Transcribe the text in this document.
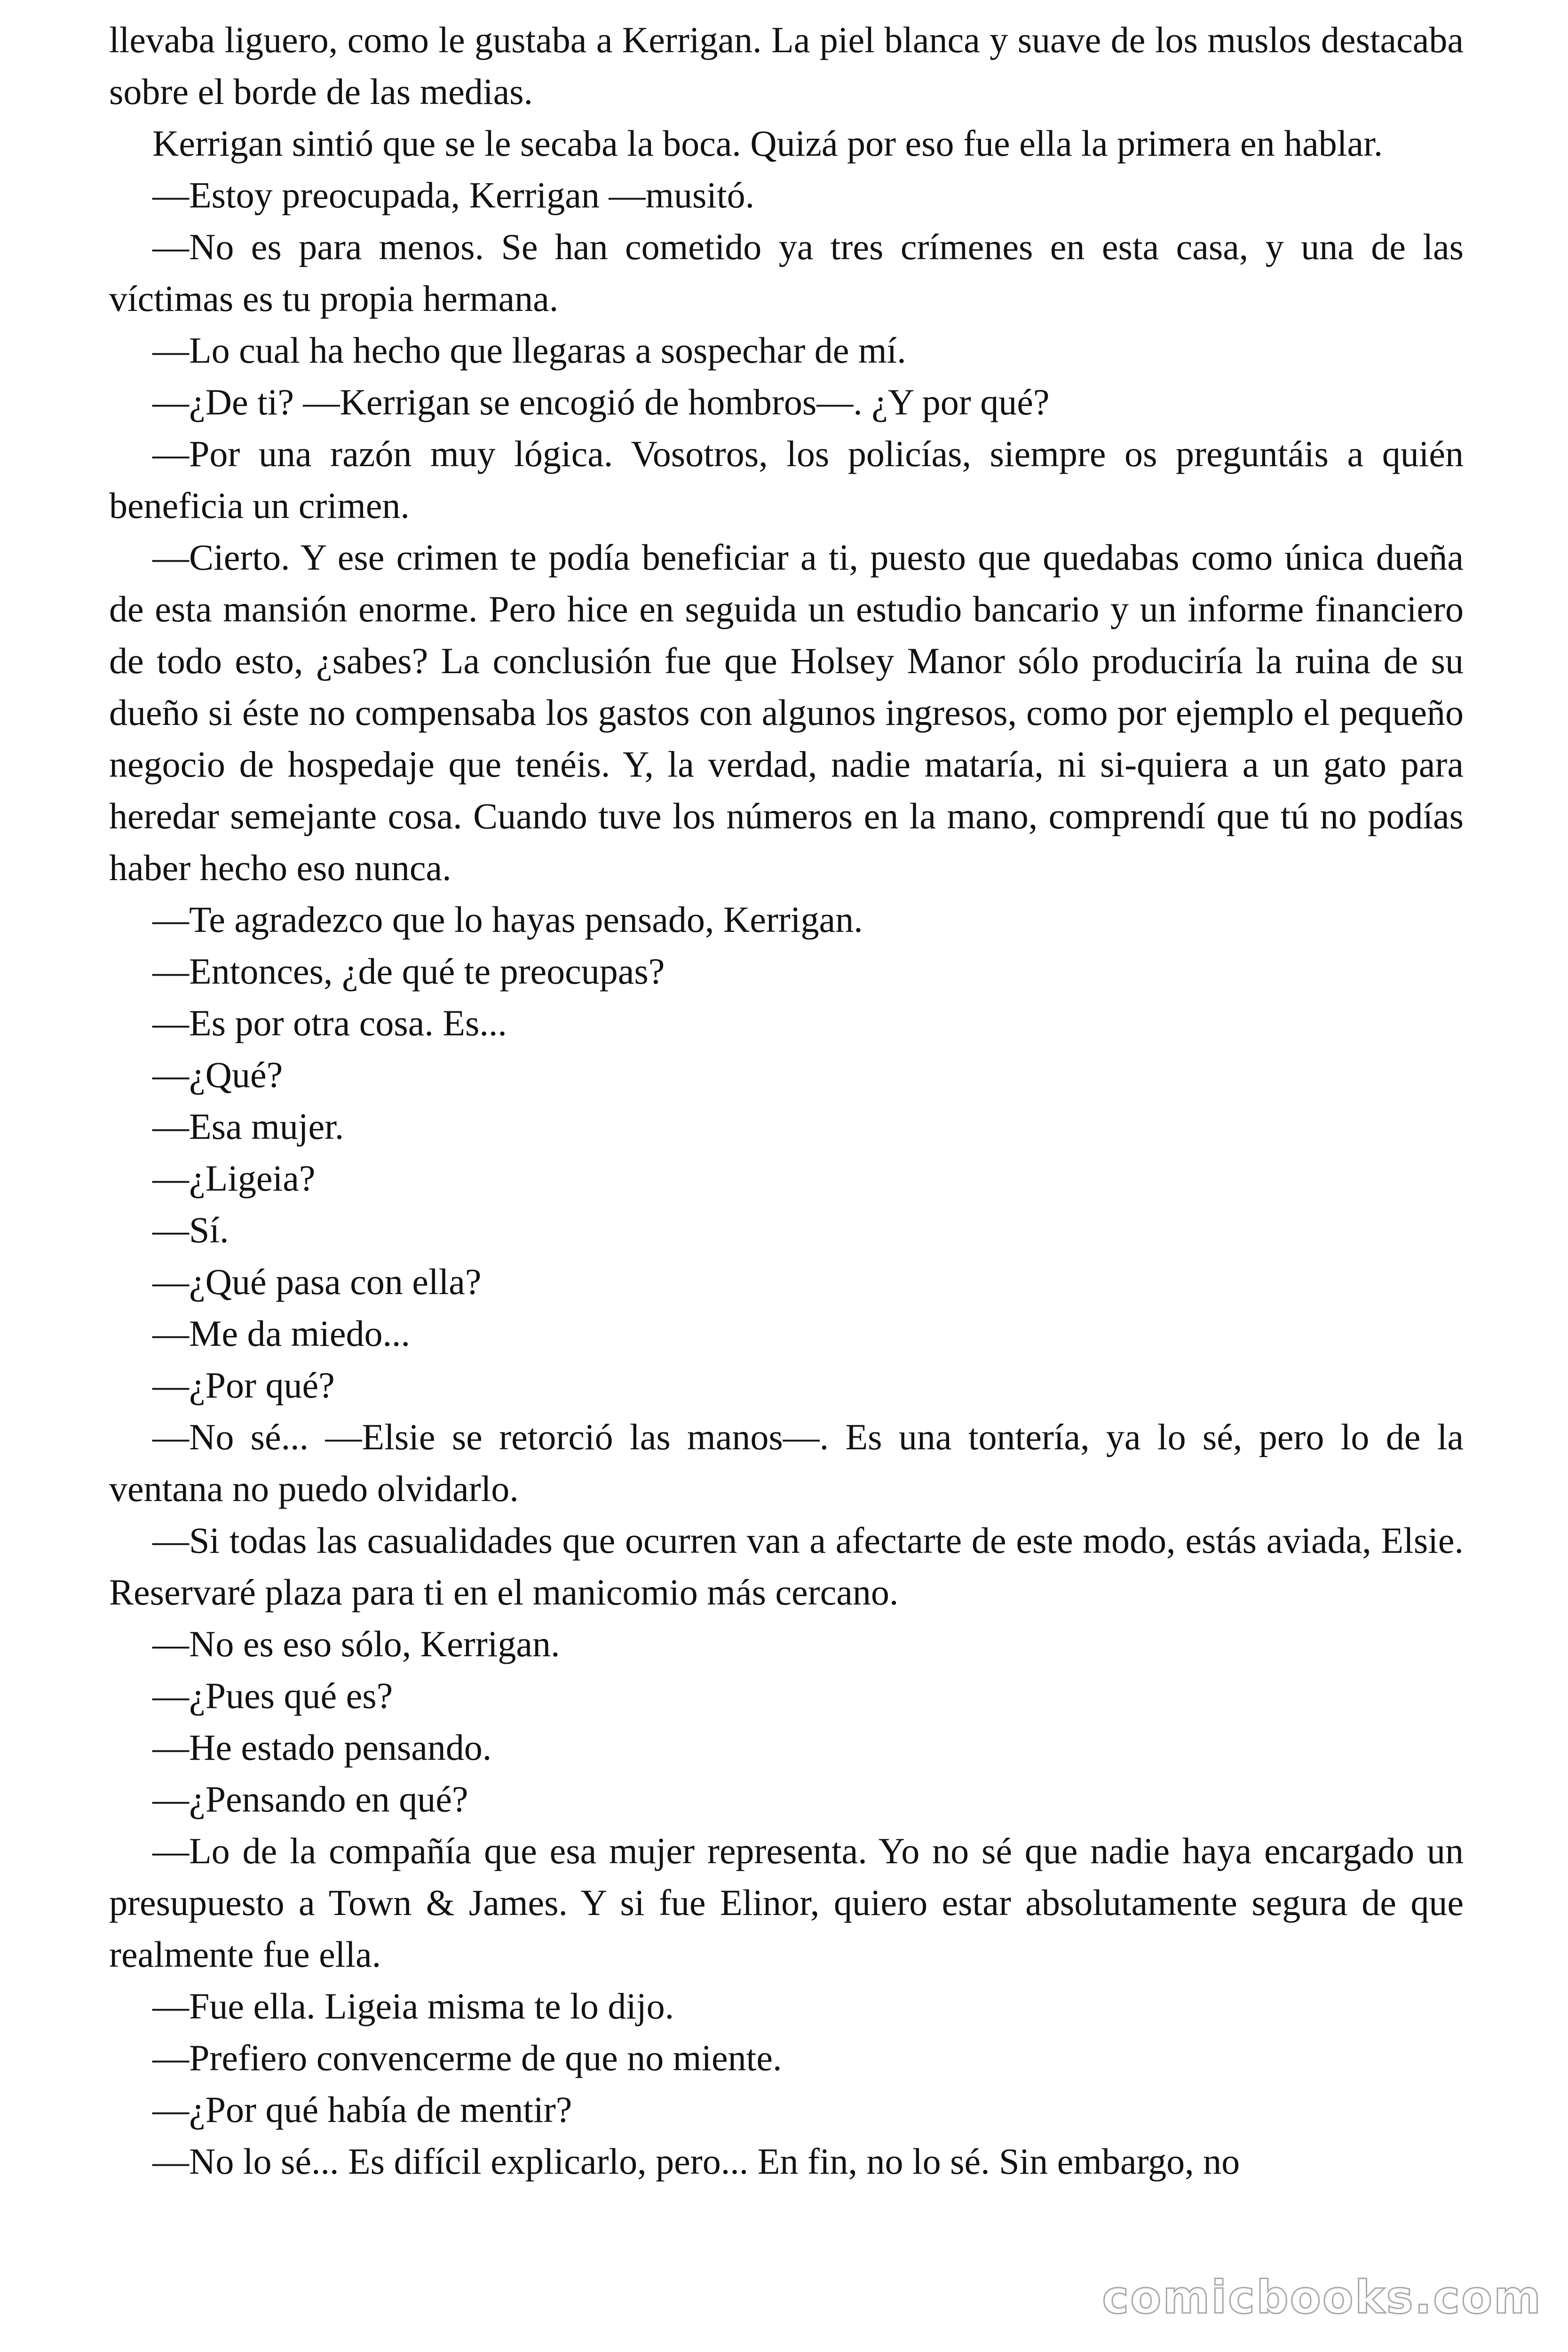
llevaba liguero, como le gustaba a Kerrigan. La piel blanca y suave de los muslos destacaba sobre el borde de las medias.

Kerrigan sintió que se le secaba la boca. Quizá por eso fue ella la primera en hablar.

—Estoy preocupada, Kerrigan —musitó.

—No es para menos. Se han cometido ya tres crímenes en esta casa, y una de las víctimas es tu propia hermana.

—Lo cual ha hecho que llegaras a sospechar de mí.

—¿De ti? —Kerrigan se encogió de hombros—. ¿Y por qué?

—Por una razón muy lógica. Vosotros, los policías, siempre os preguntáis a quién beneficia un crimen.

—Cierto. Y ese crimen te podía beneficiar a ti, puesto que quedabas como única dueña de esta mansión enorme. Pero hice en seguida un estudio bancario y un informe financiero de todo esto, ¿sabes? La conclusión fue que Holsey Manor sólo produciría la ruina de su dueño si éste no compensaba los gastos con algunos ingresos, como por ejemplo el pequeño negocio de hospedaje que tenéis. Y, la verdad, nadie mataría, ni si-quiera a un gato para heredar semejante cosa. Cuando tuve los números en la mano, comprendí que tú no podías haber hecho eso nunca.

—Te agradezco que lo hayas pensado, Kerrigan.

—Entonces, ¿de qué te preocupas?

—Es por otra cosa. Es...

—¿Qué?

—Esa mujer.

—¿Ligeia?

—Sí.

—¿Qué pasa con ella?

—Me da miedo...

—¿Por qué?

—No sé... —Elsie se retorció las manos—. Es una tontería, ya lo sé, pero lo de la ventana no puedo olvidarlo.

—Si todas las casualidades que ocurren van a afectarte de este modo, estás aviada, Elsie. Reservaré plaza para ti en el manicomio más cercano.

—No es eso sólo, Kerrigan.

—¿Pues qué es?

—He estado pensando.

—¿Pensando en qué?

—Lo de la compañía que esa mujer representa. Yo no sé que nadie haya encargado un presupuesto a Town & James. Y si fue Elinor, quiero estar absolutamente segura de que realmente fue ella.

—Fue ella. Ligeia misma te lo dijo.

—Prefiero convencerme de que no miente.

—¿Por qué había de mentir?

—No lo sé... Es difícil explicarlo, pero... En fin, no lo sé. Sin embargo, no

comicbooks.com
